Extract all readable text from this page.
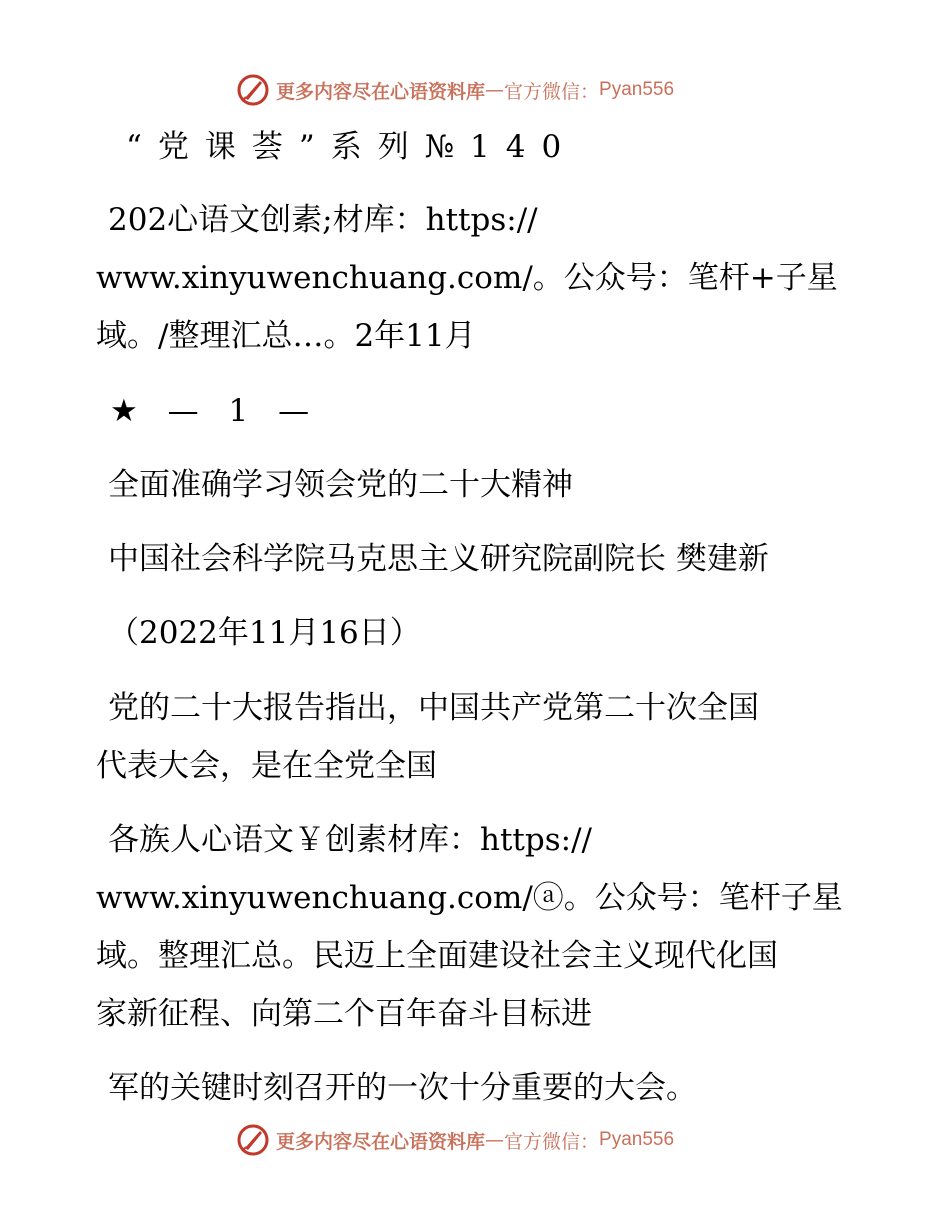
更多内容尽在心语资料库 — 官方微信： Pyan556
“党课荟”系列№140
202心语文创素;材库：https://
www.xinyuwenchuang.com/。公众号：笔杆+子星
域。/整理汇总…。2年11月
★ — 1 —
全面准确学习领会党的二十大精神
中国社会科学院马克思主义研究院副院长 樊建新
（2022年11月16日）
党的二十大报告指出，中国共产党第二十次全国
代表大会，是在全党全国
各族人心语文￥创素材库：https://
www.xinyuwenchuang.com/ⓐ。公众号：笔杆子星
域。整理汇总。民迈上全面建设社会主义现代化国
家新征程、向第二个百年奋斗目标进
军的关键时刻召开的一次十分重要的大会。
更多内容尽在心语资料库 — 官方微信： Pyan556
